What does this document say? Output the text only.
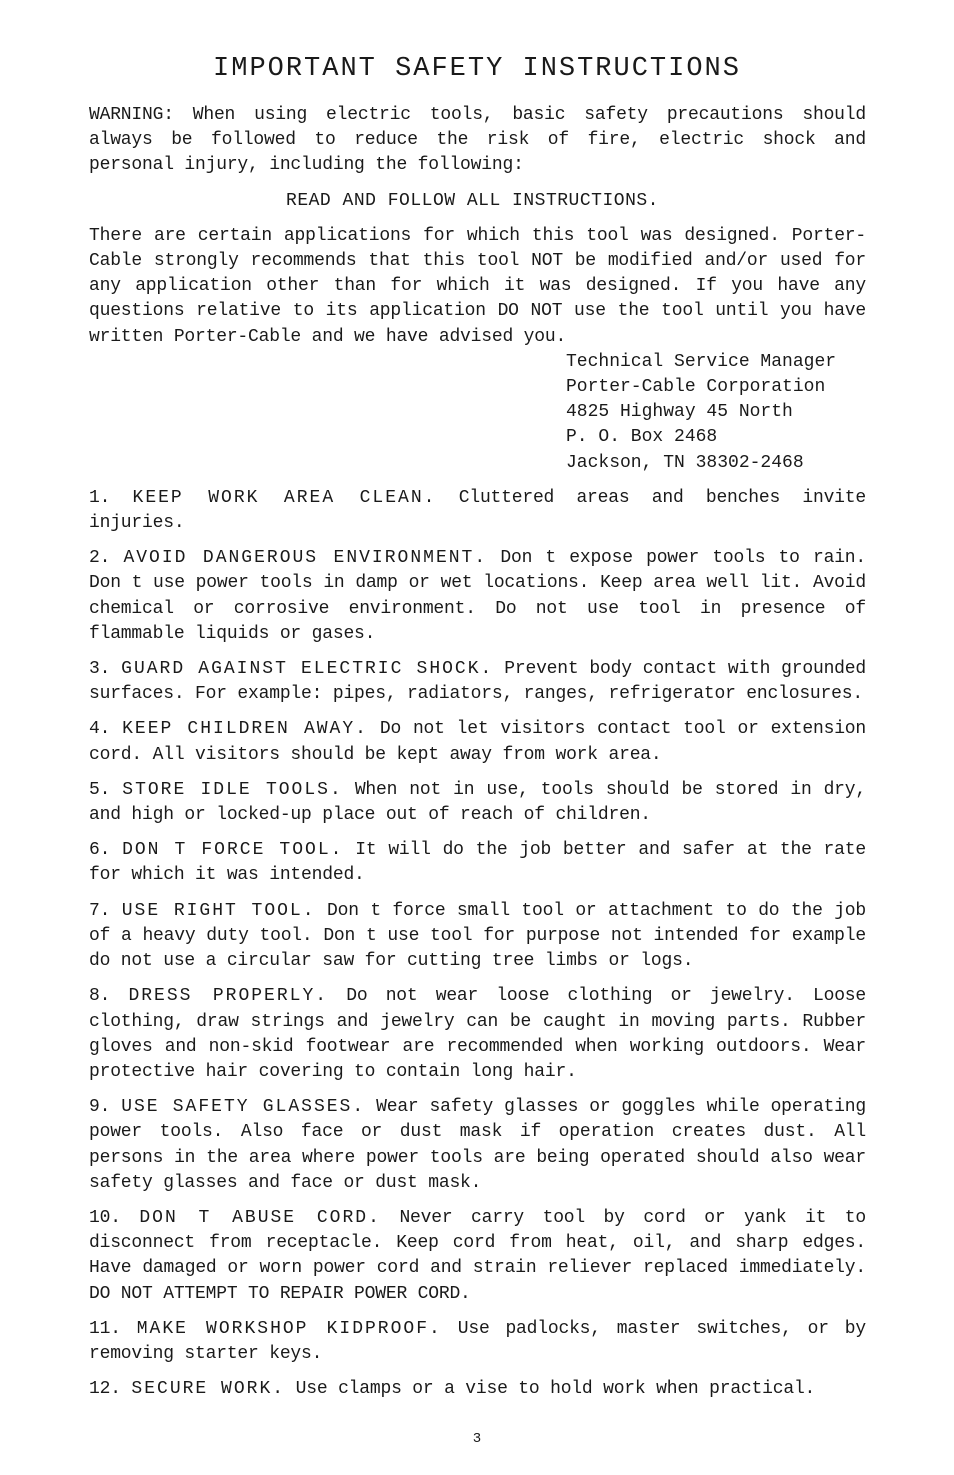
IMPORTANT SAFETY INSTRUCTIONS

WARNING: When using electric tools, basic safety precautions should always be followed to reduce the risk of fire, electric shock and personal injury, including the following:

READ AND FOLLOW ALL INSTRUCTIONS.

There are certain applications for which this tool was designed. Porter-Cable strongly recommends that this tool NOT be modified and/or used for any application other than for which it was designed. If you have any questions relative to its application DO NOT use the tool until you have written Porter-Cable and we have advised you.

Technical Service Manager
Porter-Cable Corporation
4825 Highway 45 North
P. O. Box 2468
Jackson, TN 38302-2468

1. KEEP WORK AREA CLEAN. Cluttered areas and benches invite injuries.

2. AVOID DANGEROUS ENVIRONMENT. Don t expose power tools to rain. Don t use power tools in damp or wet locations. Keep area well lit. Avoid chemical or corrosive environment. Do not use tool in presence of flammable liquids or gases.

3. GUARD AGAINST ELECTRIC SHOCK. Prevent body contact with grounded surfaces. For example: pipes, radiators, ranges, refrigerator enclosures.

4. KEEP CHILDREN AWAY. Do not let visitors contact tool or extension cord. All visitors should be kept away from work area.

5. STORE IDLE TOOLS. When not in use, tools should be stored in dry, and high or locked-up place out of reach of children.

6. DON T FORCE TOOL. It will do the job better and safer at the rate for which it was intended.

7. USE RIGHT TOOL. Don t force small tool or attachment to do the job of a heavy duty tool. Don t use tool for purpose not intended for example do not use a circular saw for cutting tree limbs or logs.

8. DRESS PROPERLY. Do not wear loose clothing or jewelry. Loose clothing, draw strings and jewelry can be caught in moving parts. Rubber gloves and non-skid footwear are recommended when working outdoors. Wear protective hair covering to contain long hair.

9. USE SAFETY GLASSES. Wear safety glasses or goggles while operating power tools. Also face or dust mask if operation creates dust. All persons in the area where power tools are being operated should also wear safety glasses and face or dust mask.

10. DON T ABUSE CORD. Never carry tool by cord or yank it to disconnect from receptacle. Keep cord from heat, oil, and sharp edges. Have damaged or worn power cord and strain reliever replaced immediately. DO NOT ATTEMPT TO REPAIR POWER CORD.

11. MAKE WORKSHOP KIDPROOF. Use padlocks, master switches, or by removing starter keys.

12. SECURE WORK. Use clamps or a vise to hold work when practical.

3
